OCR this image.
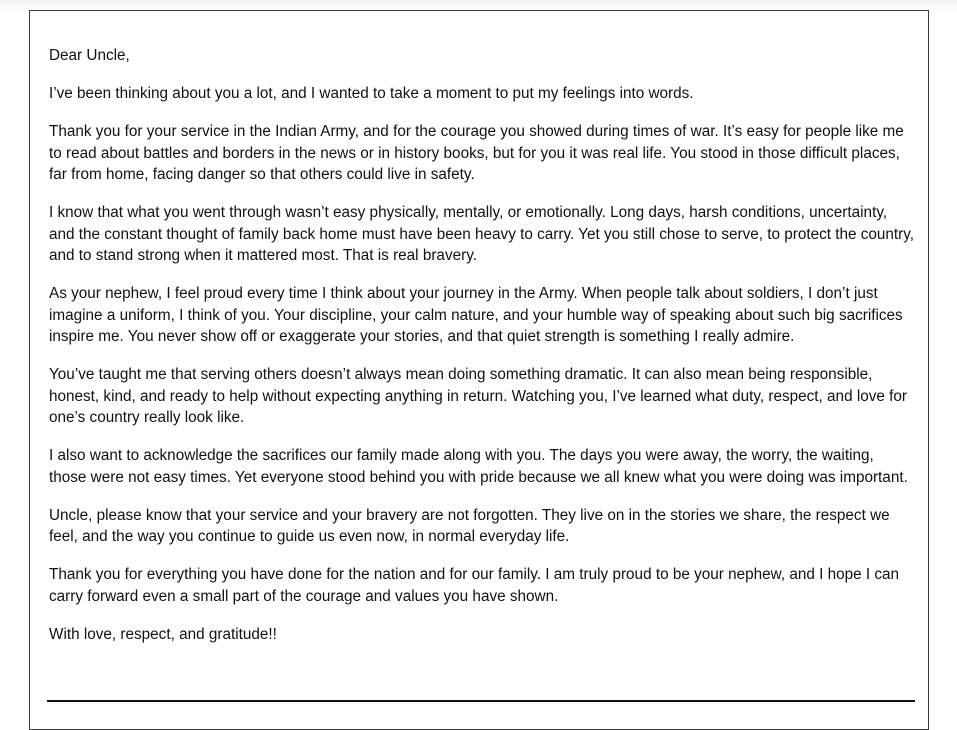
Dear Uncle,

I’ve been thinking about you a lot, and I wanted to take a moment to put my feelings into words.

Thank you for your service in the Indian Army, and for the courage you showed during times of war. It’s easy for people like me to read about battles and borders in the news or in history books, but for you it was real life. You stood in those difficult places, far from home, facing danger so that others could live in safety.

I know that what you went through wasn’t easy physically, mentally, or emotionally. Long days, harsh conditions, uncertainty, and the constant thought of family back home must have been heavy to carry. Yet you still chose to serve, to protect the country, and to stand strong when it mattered most. That is real bravery.

As your nephew, I feel proud every time I think about your journey in the Army. When people talk about soldiers, I don’t just imagine a uniform, I think of you. Your discipline, your calm nature, and your humble way of speaking about such big sacrifices inspire me. You never show off or exaggerate your stories, and that quiet strength is something I really admire.

You’ve taught me that serving others doesn’t always mean doing something dramatic. It can also mean being responsible, honest, kind, and ready to help without expecting anything in return. Watching you, I’ve learned what duty, respect, and love for one’s country really look like.

I also want to acknowledge the sacrifices our family made along with you. The days you were away, the worry, the waiting, those were not easy times. Yet everyone stood behind you with pride because we all knew what you were doing was important.

Uncle, please know that your service and your bravery are not forgotten. They live on in the stories we share, the respect we feel, and the way you continue to guide us even now, in normal everyday life.

Thank you for everything you have done for the nation and for our family. I am truly proud to be your nephew, and I hope I can carry forward even a small part of the courage and values you have shown.

With love, respect, and gratitude!!
